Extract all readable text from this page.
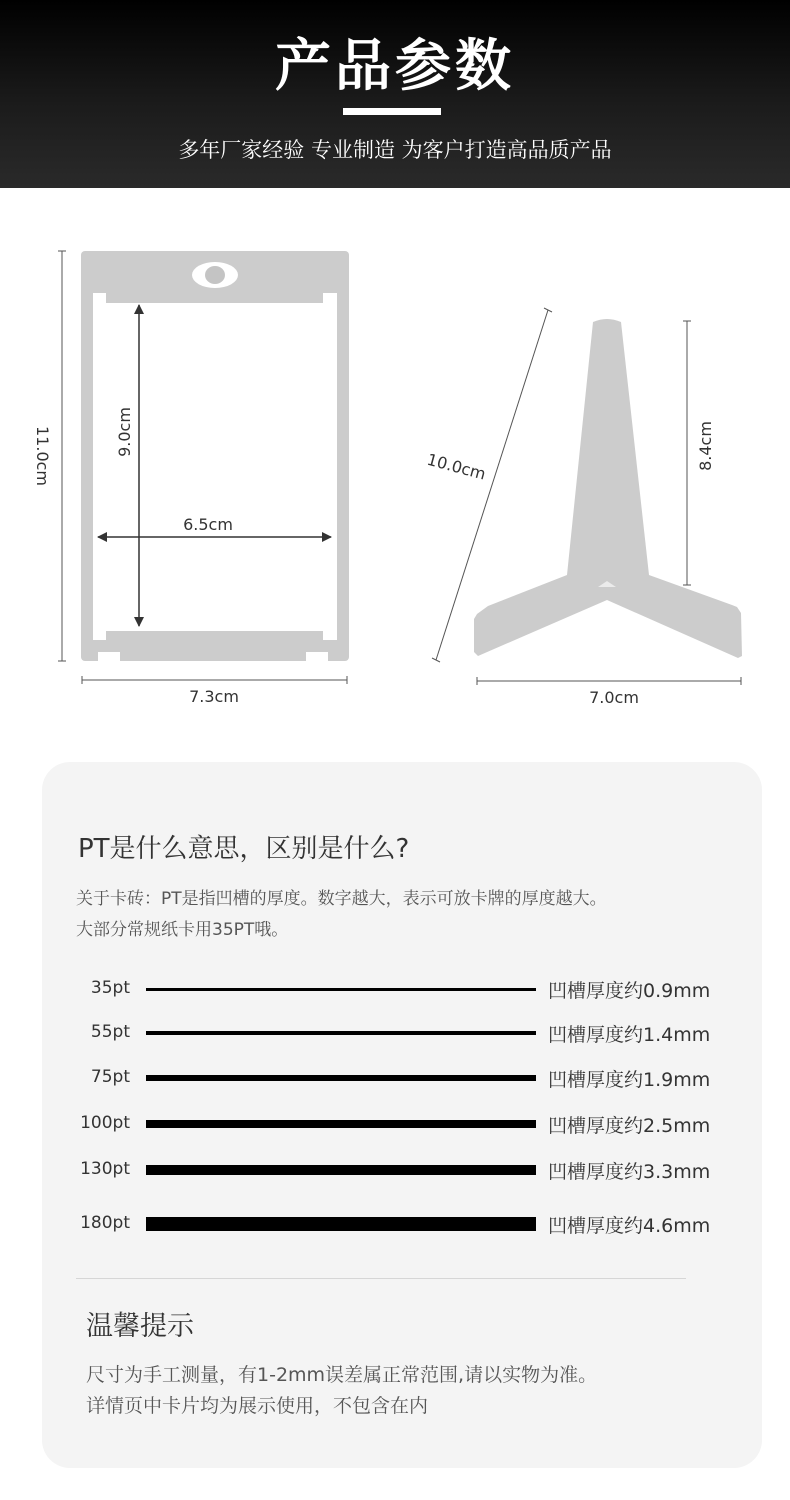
产品参数
多年厂家经验 专业制造 为客户打造高品质产品
11.0cm	9.0cm
6.5cm
7.3cm
10.0cm	8.4cm
7.0cm
PT是什么意思，区别是什么?
关于卡砖：PT是指凹槽的厚度。数字越大，表示可放卡牌的厚度越大。
大部分常规纸卡用35PT哦。
35pt	凹槽厚度约0.9mm
55pt	凹槽厚度约1.4mm
75pt	凹槽厚度约1.9mm
100pt	凹槽厚度约2.5mm
130pt	凹槽厚度约3.3mm
180pt	凹槽厚度约4.6mm
温馨提示
尺寸为手工测量，有1-2mm误差属正常范围,请以实物为准。
详情页中卡片均为展示使用，不包含在内
